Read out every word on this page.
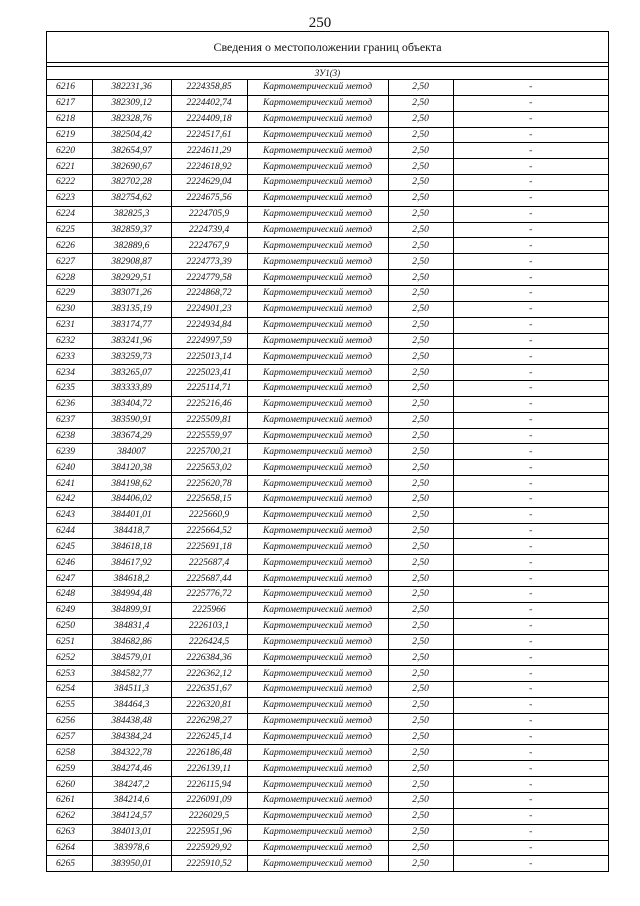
250
Сведения о местоположении границ объекта
ЗУ1(3)
6216	382231,36	2224358,85	Картометрический метод	2,50	-
6217	382309,12	2224402,74	Картометрический метод	2,50	-
6218	382328,76	2224409,18	Картометрический метод	2,50	-
6219	382504,42	2224517,61	Картометрический метод	2,50	-
6220	382654,97	2224611,29	Картометрический метод	2,50	-
6221	382690,67	2224618,92	Картометрический метод	2,50	-
6222	382702,28	2224629,04	Картометрический метод	2,50	-
6223	382754,62	2224675,56	Картометрический метод	2,50	-
6224	382825,3	2224705,9	Картометрический метод	2,50	-
6225	382859,37	2224739,4	Картометрический метод	2,50	-
6226	382889,6	2224767,9	Картометрический метод	2,50	-
6227	382908,87	2224773,39	Картометрический метод	2,50	-
6228	382929,51	2224779,58	Картометрический метод	2,50	-
6229	383071,26	2224868,72	Картометрический метод	2,50	-
6230	383135,19	2224901,23	Картометрический метод	2,50	-
6231	383174,77	2224934,84	Картометрический метод	2,50	-
6232	383241,96	2224997,59	Картометрический метод	2,50	-
6233	383259,73	2225013,14	Картометрический метод	2,50	-
6234	383265,07	2225023,41	Картометрический метод	2,50	-
6235	383333,89	2225114,71	Картометрический метод	2,50	-
6236	383404,72	2225216,46	Картометрический метод	2,50	-
6237	383590,91	2225509,81	Картометрический метод	2,50	-
6238	383674,29	2225559,97	Картометрический метод	2,50	-
6239	384007	2225700,21	Картометрический метод	2,50	-
6240	384120,38	2225653,02	Картометрический метод	2,50	-
6241	384198,62	2225620,78	Картометрический метод	2,50	-
6242	384406,02	2225658,15	Картометрический метод	2,50	-
6243	384401,01	2225660,9	Картометрический метод	2,50	-
6244	384418,7	2225664,52	Картометрический метод	2,50	-
6245	384618,18	2225691,18	Картометрический метод	2,50	-
6246	384617,92	2225687,4	Картометрический метод	2,50	-
6247	384618,2	2225687,44	Картометрический метод	2,50	-
6248	384994,48	2225776,72	Картометрический метод	2,50	-
6249	384899,91	2225966	Картометрический метод	2,50	-
6250	384831,4	2226103,1	Картометрический метод	2,50	-
6251	384682,86	2226424,5	Картометрический метод	2,50	-
6252	384579,01	2226384,36	Картометрический метод	2,50	-
6253	384582,77	2226362,12	Картометрический метод	2,50	-
6254	384511,3	2226351,67	Картометрический метод	2,50	-
6255	384464,3	2226320,81	Картометрический метод	2,50	-
6256	384438,48	2226298,27	Картометрический метод	2,50	-
6257	384384,24	2226245,14	Картометрический метод	2,50	-
6258	384322,78	2226186,48	Картометрический метод	2,50	-
6259	384274,46	2226139,11	Картометрический метод	2,50	-
6260	384247,2	2226115,94	Картометрический метод	2,50	-
6261	384214,6	2226091,09	Картометрический метод	2,50	-
6262	384124,57	2226029,5	Картометрический метод	2,50	-
6263	384013,01	2225951,96	Картометрический метод	2,50	-
6264	383978,6	2225929,92	Картометрический метод	2,50	-
6265	383950,01	2225910,52	Картометрический метод	2,50	-
